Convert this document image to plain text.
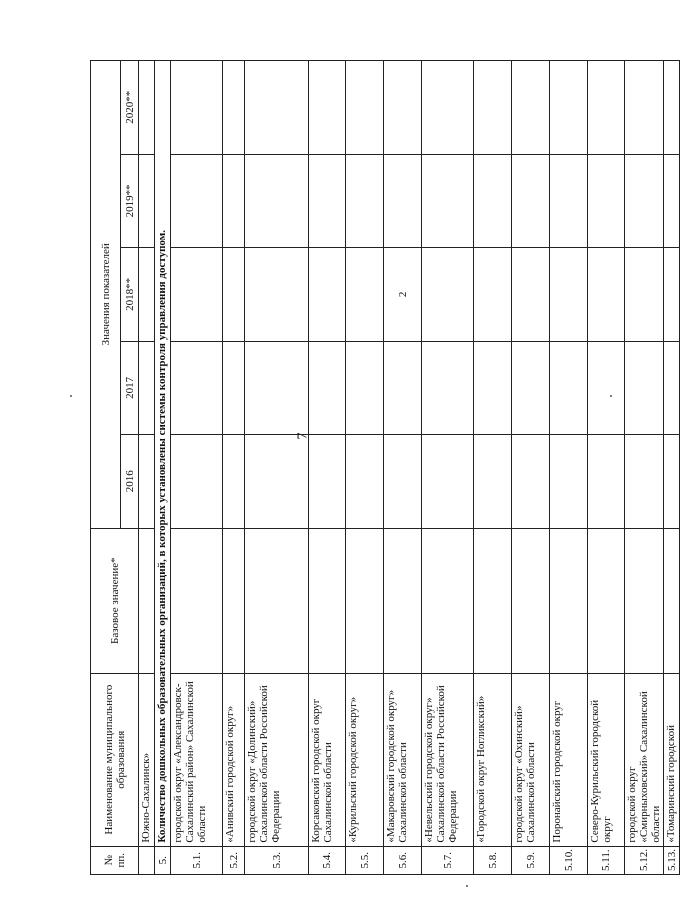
7
№ пп.	Наименование муниципального образования	Базовое значение*	Значения показателей				
			2016	2017	2018**	2019**	2020**
	Южно-Сахалинск»						
5.	Количество дошкольных образовательных организаций, в которых установлены системы контроля управления доступом.						
5.1.	городской округ «Александровск-Сахалинский район» Сахалинской области						
5.2.	«Анивский городской округ»						
5.3.	городской округ «Долинский» Сахалинской области Российской Федерации						
5.4.	Корсаковский городской округ Сахалинской области						
5.5.	«Курильский городской округ»						
5.6.	«Макаровский городской округ» Сахалинской области				2		
5.7.	«Невельский городской округ» Сахалинской области Российской Федерации						
5.8.	«Городской округ Ногликский»						
5.9.	городской округ «Охинский» Сахалинской области						
5.10.	Поронайский городской округ						
5.11.	Северо-Курильский городской округ						
5.12.	городской округ «Смирныховский» Сахалинской области						
5.13.	«Томаринский городской						
